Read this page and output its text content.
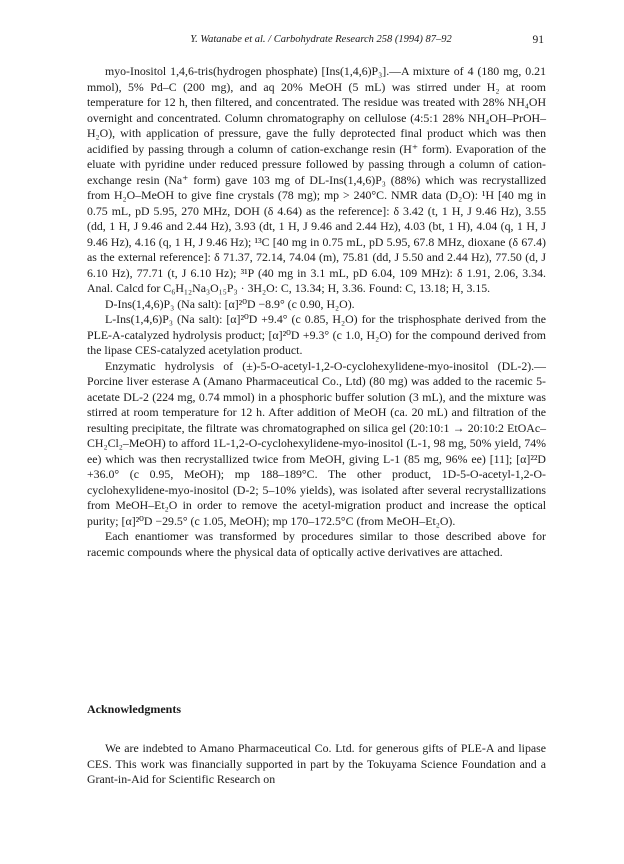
Y. Watanabe et al. / Carbohydrate Research 258 (1994) 87–92	91

myo-Inositol 1,4,6-tris(hydrogen phosphate) [Ins(1,4,6)P₃].—A mixture of 4 (180 mg, 0.21 mmol), 5% Pd–C (200 mg), and aq 20% MeOH (5 mL) was stirred under H₂ at room temperature for 12 h, then filtered, and concentrated. The residue was treated with 28% NH₄OH overnight and concentrated. Column chromatography on cellulose (4:5:1 28% NH₄OH–PrOH–H₂O), with application of pressure, gave the fully deprotected final product which was then acidified by passing through a column of cation-exchange resin (H⁺ form). Evaporation of the eluate with pyridine under reduced pressure followed by passing through a column of cation-exchange resin (Na⁺ form) gave 103 mg of DL-Ins(1,4,6)P₃ (88%) which was recrystallized from H₂O–MeOH to give fine crystals (78 mg); mp > 240°C. NMR data (D₂O): ¹H [40 mg in 0.75 mL, pD 5.95, 270 MHz, DOH (δ 4.64) as the reference]: δ 3.42 (t, 1 H, J 9.46 Hz), 3.55 (dd, 1 H, J 9.46 and 2.44 Hz), 3.93 (dt, 1 H, J 9.46 and 2.44 Hz), 4.03 (bt, 1 H), 4.04 (q, 1 H, J 9.46 Hz), 4.16 (q, 1 H, J 9.46 Hz); ¹³C [40 mg in 0.75 mL, pD 5.95, 67.8 MHz, dioxane (δ 67.4) as the external reference]: δ 71.37, 72.14, 74.04 (m), 75.81 (dd, J 5.50 and 2.44 Hz), 77.50 (d, J 6.10 Hz), 77.71 (t, J 6.10 Hz); ³¹P (40 mg in 3.1 mL, pD 6.04, 109 MHz): δ 1.91, 2.06, 3.34. Anal. Calcd for C₆H₁₂Na₃O₁₅P₃ · 3H₂O: C, 13.34; H, 3.36. Found: C, 13.18; H, 3.15.

D-Ins(1,4,6)P₃ (Na salt): [α]²⁰D −8.9° (c 0.90, H₂O).

L-Ins(1,4,6)P₃ (Na salt): [α]²⁰D +9.4° (c 0.85, H₂O) for the trisphosphate derived from the PLE-A-catalyzed hydrolysis product; [α]²⁰D +9.3° (c 1.0, H₂O) for the compound derived from the lipase CES-catalyzed acetylation product.

Enzymatic hydrolysis of (±)-5-O-acetyl-1,2-O-cyclohexylidene-myo-inositol (DL-2).—Porcine liver esterase A (Amano Pharmaceutical Co., Ltd) (80 mg) was added to the racemic 5-acetate DL-2 (224 mg, 0.74 mmol) in a phosphoric buffer solution (3 mL), and the mixture was stirred at room temperature for 12 h. After addition of MeOH (ca. 20 mL) and filtration of the resulting precipitate, the filtrate was chromatographed on silica gel (20:10:1 → 20:10:2 EtOAc–CH₂Cl₂–MeOH) to afford 1L-1,2-O-cyclohexylidene-myo-inositol (L-1, 98 mg, 50% yield, 74% ee) which was then recrystallized twice from MeOH, giving L-1 (85 mg, 96% ee) [11]; [α]²²D +36.0° (c 0.95, MeOH); mp 188–189°C. The other product, 1D-5-O-acetyl-1,2-O-cyclohexylidene-myo-inositol (D-2; 5–10% yields), was isolated after several recrystallizations from MeOH–Et₂O in order to remove the acetyl-migration product and increase the optical purity; [α]²⁰D −29.5° (c 1.05, MeOH); mp 170–172.5°C (from MeOH–Et₂O).

Each enantiomer was transformed by procedures similar to those described above for racemic compounds where the physical data of optically active derivatives are attached.

Acknowledgments

We are indebted to Amano Pharmaceutical Co. Ltd. for generous gifts of PLE-A and lipase CES. This work was financially supported in part by the Tokuyama Science Foundation and a Grant-in-Aid for Scientific Research on
